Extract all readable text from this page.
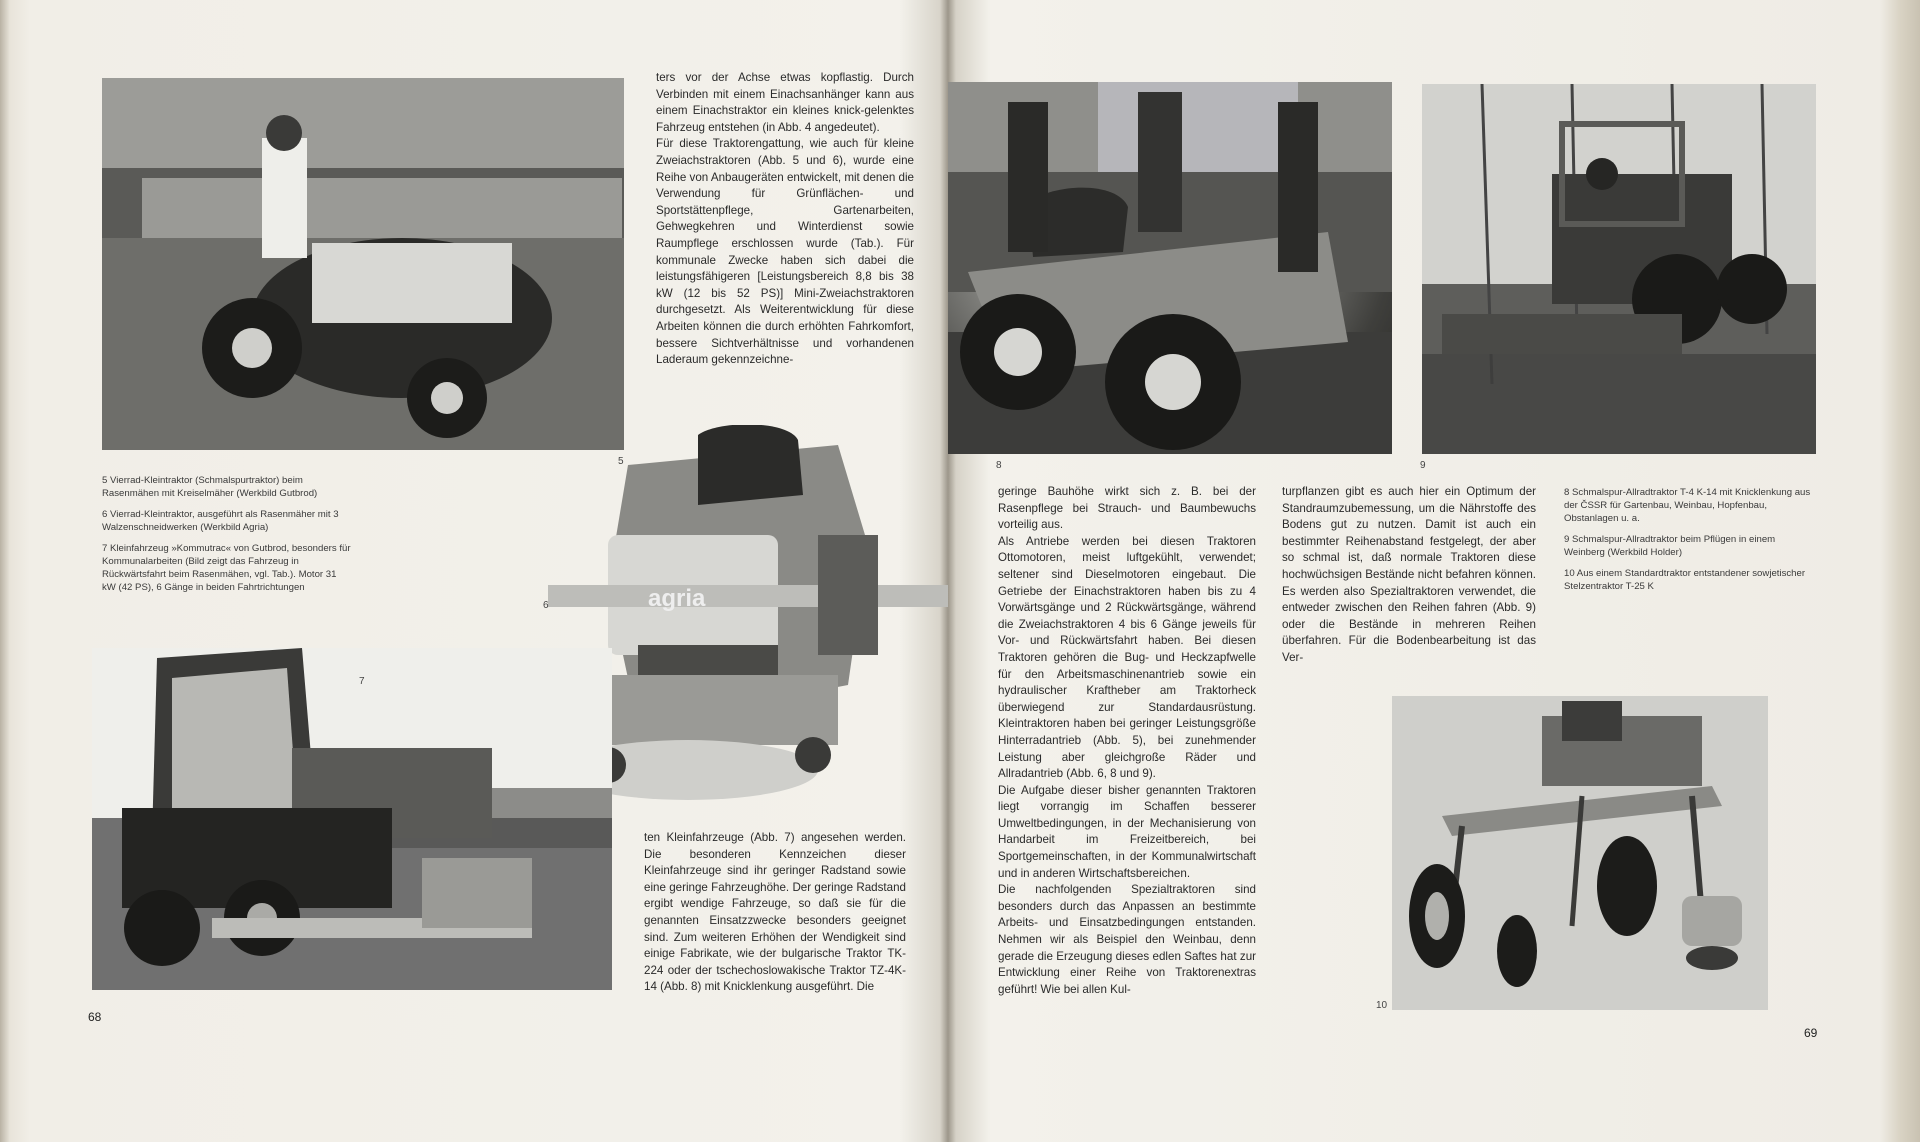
5
agria
6
7

5 Vierrad-Kleintraktor (Schmalspurtraktor) beim Rasenmähen mit Kreiselmäher (Werkbild Gutbrod)

6 Vierrad-Kleintraktor, ausgeführt als Rasenmäher mit 3 Walzenschneidwerken (Werkbild Agria)

7 Kleinfahrzeug »Kommutrac« von Gutbrod, besonders für Kommunalarbeiten (Bild zeigt das Fahrzeug in Rückwärtsfahrt beim Rasenmähen, vgl. Tab.). Motor 31 kW (42 PS), 6 Gänge in beiden Fahrtrichtungen

ters vor der Achse etwas kopflastig. Durch Verbinden mit einem Einachsanhänger kann aus einem Einachstraktor ein kleines knick-gelenktes Fahrzeug entstehen (in Abb. 4 angedeutet).

Für diese Traktorengattung, wie auch für kleine Zweiachstraktoren (Abb. 5 und 6), wurde eine Reihe von Anbaugeräten entwickelt, mit denen die Verwendung für Grünflächen- und Sportstättenpflege, Gartenarbeiten, Gehwegkehren und Winterdienst sowie Raumpflege erschlossen wurde (Tab.). Für kommunale Zwecke haben sich dabei die leistungsfähigeren [Leistungsbereich 8,8 bis 38 kW (12 bis 52 PS)] Mini-Zweiachstraktoren durchgesetzt. Als Weiterentwicklung für diese Arbeiten können die durch erhöhten Fahrkomfort, bessere Sichtverhältnisse und vorhandenen Laderaum gekennzeichne-

ten Kleinfahrzeuge (Abb. 7) angesehen werden. Die besonderen Kennzeichen dieser Kleinfahrzeuge sind ihr geringer Radstand sowie eine geringe Fahrzeughöhe. Der geringe Radstand ergibt wendige Fahrzeuge, so daß sie für die genannten Einsatzzwecke besonders geeignet sind. Zum weiteren Erhöhen der Wendigkeit sind einige Fabrikate, wie der bulgarische Traktor TK-224 oder der tschechoslowakische Traktor TZ-4K-14 (Abb. 8) mit Knicklenkung ausgeführt. Die

68
8	9
10

geringe Bauhöhe wirkt sich z. B. bei der Rasenpflege bei Strauch- und Baumbewuchs vorteilig aus.

Als Antriebe werden bei diesen Traktoren Ottomotoren, meist luftgekühlt, verwendet; seltener sind Dieselmotoren eingebaut. Die Getriebe der Einachstraktoren haben bis zu 4 Vorwärtsgänge und 2 Rückwärtsgänge, während die Zweiachstraktoren 4 bis 6 Gänge jeweils für Vor- und Rückwärtsfahrt haben. Bei diesen Traktoren gehören die Bug- und Heckzapfwelle für den Arbeitsmaschinenantrieb sowie ein hydraulischer Kraftheber am Traktorheck überwiegend zur Standardausrüstung. Kleintraktoren haben bei geringer Leistungsgröße Hinterradantrieb (Abb. 5), bei zunehmender Leistung aber gleichgroße Räder und Allradantrieb (Abb. 6, 8 und 9).

Die Aufgabe dieser bisher genannten Traktoren liegt vorrangig im Schaffen besserer Umweltbedingungen, in der Mechanisierung von Handarbeit im Freizeitbereich, bei Sportgemeinschaften, in der Kommunalwirtschaft und in anderen Wirtschaftsbereichen.

Die nachfolgenden Spezialtraktoren sind besonders durch das Anpassen an bestimmte Arbeits- und Einsatzbedingungen entstanden. Nehmen wir als Beispiel den Weinbau, denn gerade die Erzeugung dieses edlen Saftes hat zur Entwicklung einer Reihe von Traktorenextras geführt! Wie bei allen Kul-

turpflanzen gibt es auch hier ein Optimum der Standraumzubemessung, um die Nährstoffe des Bodens gut zu nutzen. Damit ist auch ein bestimmter Reihenabstand festgelegt, der aber so schmal ist, daß normale Traktoren diese hochwüchsigen Bestände nicht befahren können. Es werden also Spezialtraktoren verwendet, die entweder zwischen den Reihen fahren (Abb. 9) oder die Bestände in mehreren Reihen überfahren. Für die Bodenbearbeitung ist das Ver-

8 Schmalspur-Allradtraktor T-4 K-14 mit Knicklenkung aus der ČSSR für Gartenbau, Weinbau, Hopfenbau, Obstanlagen u. a.

9 Schmalspur-Allradtraktor beim Pflügen in einem Weinberg (Werkbild Holder)

10 Aus einem Standardtraktor entstandener sowjetischer Stelzentraktor T-25 K

69
